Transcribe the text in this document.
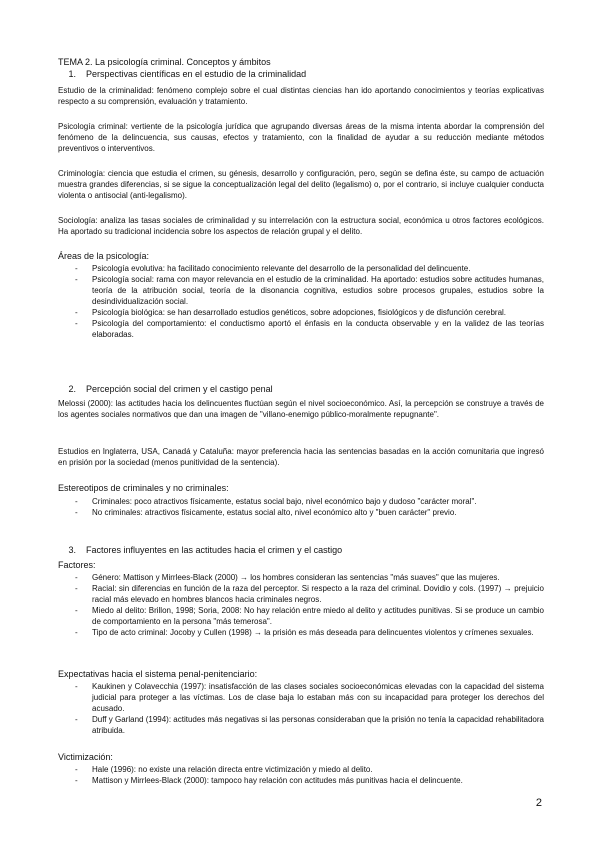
TEMA 2. La psicología criminal. Conceptos y ámbitos

1. Perspectivas científicas en el estudio de la criminalidad

Estudio de la criminalidad: fenómeno complejo sobre el cual distintas ciencias han ido aportando conocimientos y teorías explicativas respecto a su comprensión, evaluación y tratamiento.

Psicología criminal: vertiente de la psicología jurídica que agrupando diversas áreas de la misma intenta abordar la comprensión del fenómeno de la delincuencia, sus causas, efectos y tratamiento, con la finalidad de ayudar a su reducción mediante métodos preventivos o interventivos.

Criminología: ciencia que estudia el crimen, su génesis, desarrollo y configuración, pero, según se defina éste, su campo de actuación muestra grandes diferencias, si se sigue la conceptualización legal del delito (legalismo) o, por el contrario, si incluye cualquier conducta violenta o antisocial (anti-legalismo).

Sociología: analiza las tasas sociales de criminalidad y su interrelación con la estructura social, económica u otros factores ecológicos. Ha aportado su tradicional incidencia sobre los aspectos de relación grupal y el delito.

Áreas de la psicología:

- Psicología evolutiva: ha facilitado conocimiento relevante del desarrollo de la personalidad del delincuente.
- Psicología social: rama con mayor relevancia en el estudio de la criminalidad. Ha aportado: estudios sobre actitudes humanas, teoría de la atribución social, teoría de la disonancia cognitiva, estudios sobre procesos grupales, estudios sobre la desindividualización social.
- Psicología biológica: se han desarrollado estudios genéticos, sobre adopciones, fisiológicos y de disfunción cerebral.
- Psicología del comportamiento: el conductismo aportó el énfasis en la conducta observable y en la validez de las teorías elaboradas.

2. Percepción social del crimen y el castigo penal

Melossi (2000): las actitudes hacia los delincuentes fluctúan según el nivel socioeconómico. Así, la percepción se construye a través de los agentes sociales normativos que dan una imagen de "villano-enemigo público-moralmente repugnante".

Estudios en Inglaterra, USA, Canadá y Cataluña: mayor preferencia hacia las sentencias basadas en la acción comunitaria que ingresó en prisión por la sociedad (menos punitividad de la sentencia).

Estereotipos de criminales y no criminales:

- Criminales: poco atractivos físicamente, estatus social bajo, nivel económico bajo y dudoso "carácter moral".
- No criminales: atractivos físicamente, estatus social alto, nivel económico alto y "buen carácter" previo.

3. Factores influyentes en las actitudes hacia el crimen y el castigo

Factores:

- Género: Mattison y Mirrlees-Black (2000) → los hombres consideran las sentencias "más suaves" que las mujeres.
- Racial: sin diferencias en función de la raza del perceptor. Si respecto a la raza del criminal. Dovidio y cols. (1997) → prejuicio racial más elevado en hombres blancos hacia criminales negros.
- Miedo al delito: Brillon, 1998; Soria, 2008: No hay relación entre miedo al delito y actitudes punitivas. Si se produce un cambio de comportamiento en la persona "más temerosa".
- Tipo de acto criminal: Jocoby y Cullen (1998) → la prisión es más deseada para delincuentes violentos y crímenes sexuales.

Expectativas hacia el sistema penal-penitenciario:

- Kaukinen y Colavecchia (1997): insatisfacción de las clases sociales socioeconómicas elevadas con la capacidad del sistema judicial para proteger a las víctimas. Los de clase baja lo estaban más con su incapacidad para proteger los derechos del acusado.
- Duff y Garland (1994): actitudes más negativas si las personas consideraban que la prisión no tenía la capacidad rehabilitadora atribuida.

Victimización:

- Hale (1996): no existe una relación directa entre victimización y miedo al delito.
- Mattison y Mirrlees-Black (2000): tampoco hay relación con actitudes más punitivas hacia el delincuente.
2
